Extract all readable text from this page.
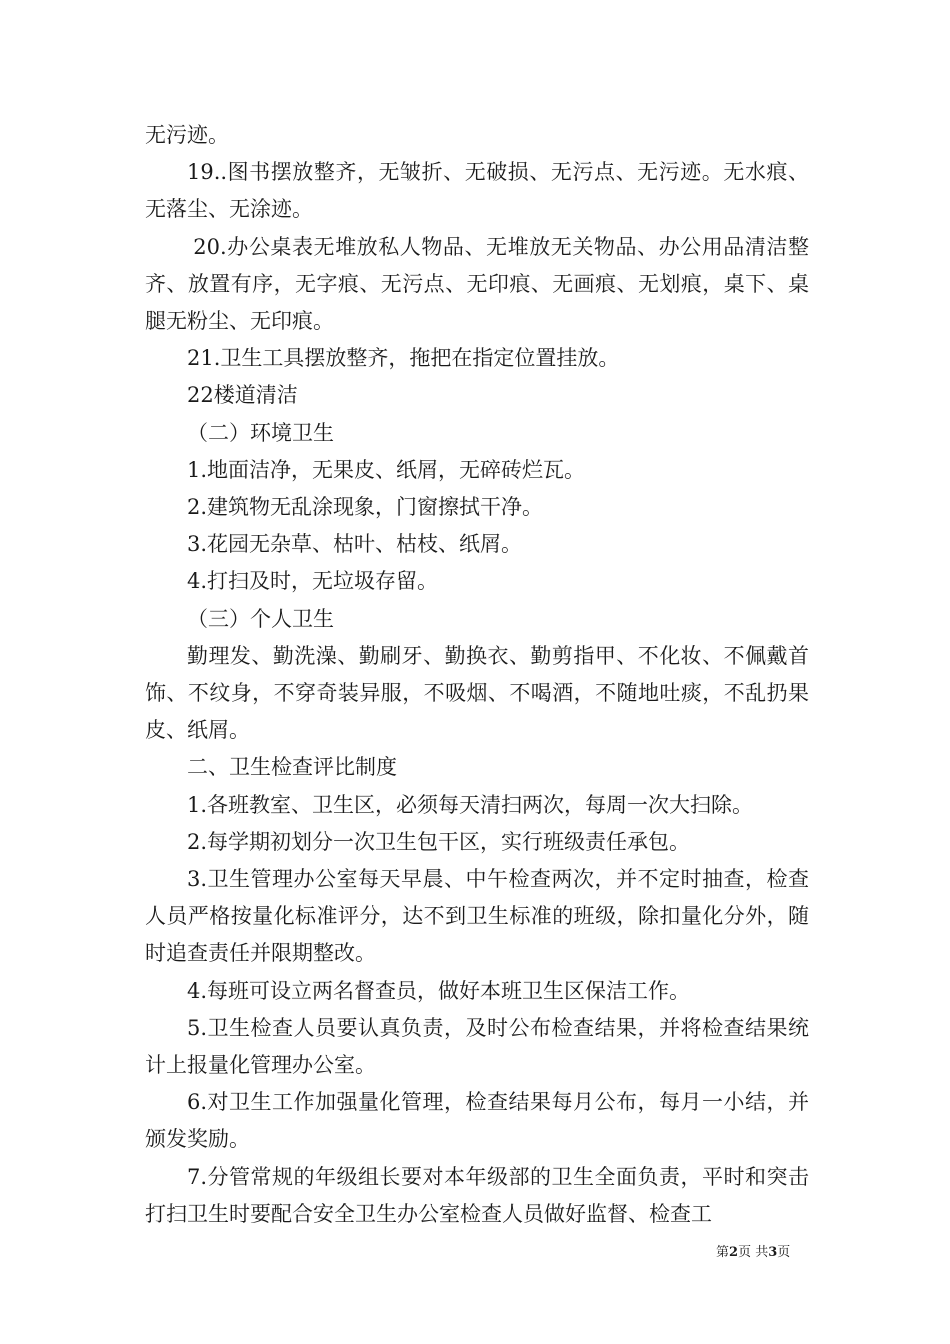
无污迹。

19..图书摆放整齐，无皱折、无破损、无污点、无污迹。无水痕、无落尘、无涂迹。

20.办公桌表无堆放私人物品、无堆放无关物品、办公用品清洁整齐、放置有序，无字痕、无污点、无印痕、无画痕、无划痕，桌下、桌腿无粉尘、无印痕。

21.卫生工具摆放整齐，拖把在指定位置挂放。

22楼道清洁

（二）环境卫生

1.地面洁净，无果皮、纸屑，无碎砖烂瓦。

2.建筑物无乱涂现象，门窗擦拭干净。

3.花园无杂草、枯叶、枯枝、纸屑。

4.打扫及时，无垃圾存留。

（三）个人卫生

勤理发、勤洗澡、勤刷牙、勤换衣、勤剪指甲、不化妆、不佩戴首饰、不纹身，不穿奇装异服，不吸烟、不喝酒，不随地吐痰，不乱扔果皮、纸屑。

二、卫生检查评比制度

1.各班教室、卫生区，必须每天清扫两次，每周一次大扫除。

2.每学期初划分一次卫生包干区，实行班级责任承包。

3.卫生管理办公室每天早晨、中午检查两次，并不定时抽查，检查人员严格按量化标准评分，达不到卫生标准的班级，除扣量化分外，随时追查责任并限期整改。

4.每班可设立两名督查员，做好本班卫生区保洁工作。

5.卫生检查人员要认真负责，及时公布检查结果，并将检查结果统计上报量化管理办公室。

6.对卫生工作加强量化管理，检查结果每月公布，每月一小结，并颁发奖励。

7.分管常规的年级组长要对本年级部的卫生全面负责，平时和突击打扫卫生时要配合安全卫生办公室检查人员做好监督、检查工

第2页 共3页
